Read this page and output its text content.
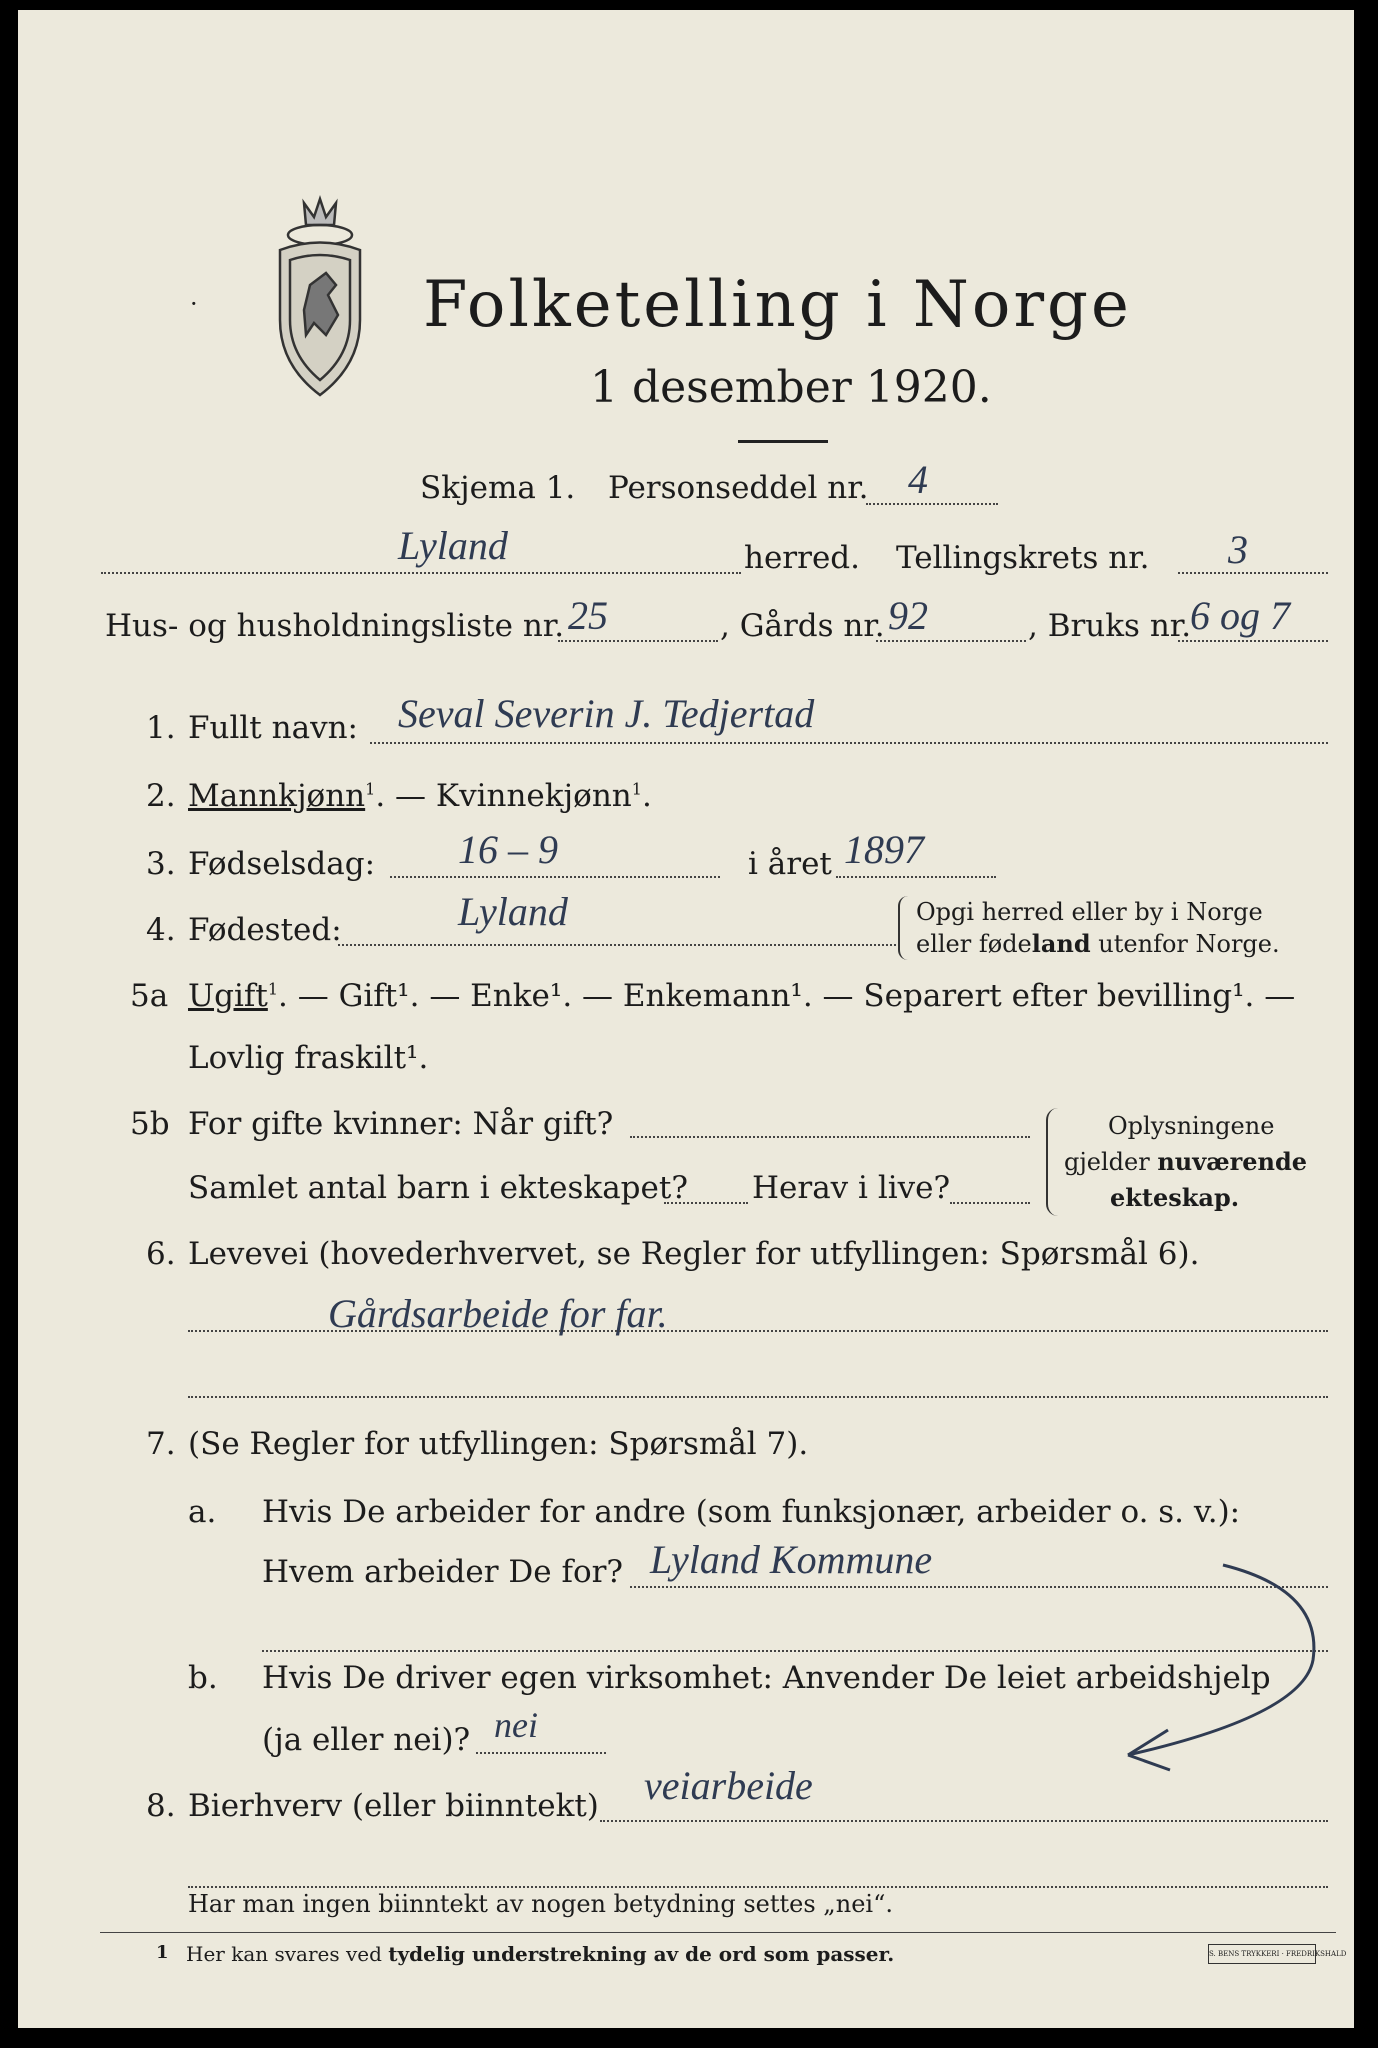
·	Folketelling i Norge
1 desember 1920.
Skjema 1. Personseddel nr. 4
Lyland	herred. Tellingskrets nr. 3
Hus- og husholdningsliste nr. 25	, Gårds nr. 92	, Bruks nr.
6 og 7
1. Fullt navn: Seval Severin J. Tedjertad
2. Mannkjønn$^1$. — Kvinnekjønn$^1$.
3. Fødselsdag: 16 – 9	i året 1897
4. Fødested:	Lyland	Opgi herred eller by i Norge
eller fødeland utenfor Norge.
5a Ugift$^1$. — Gift¹. — Enke¹. — Enkemann¹. — Separert efter bevilling¹. —
Lovlig fraskilt¹.
5b For gifte kvinner: Når gift?
Samlet antal barn i ekteskapet? Herav i live?
Oplysningene
gjelder nuværende
ekteskap.
6. Levevei (hovederhvervet, se Regler for utfyllingen: Spørsmål 6).
Gårdsarbeide for far.
7. (Se Regler for utfyllingen: Spørsmål 7).
a. Hvis De arbeider for andre (som funksjonær, arbeider o. s. v.):
Hvem arbeider De for? Lyland Kommune
b. Hvis De driver egen virksomhet: Anvender De leiet arbeidshjelp
(ja eller nei)? nei
8. Bierhverv (eller biinntekt) veiarbeide
Har man ingen biinntekt av nogen betydning settes „nei“.
1 Her kan svares ved tydelig understrekning av de ord som passer.	S. BENS TRYKKERI · FREDRIKSHALD
